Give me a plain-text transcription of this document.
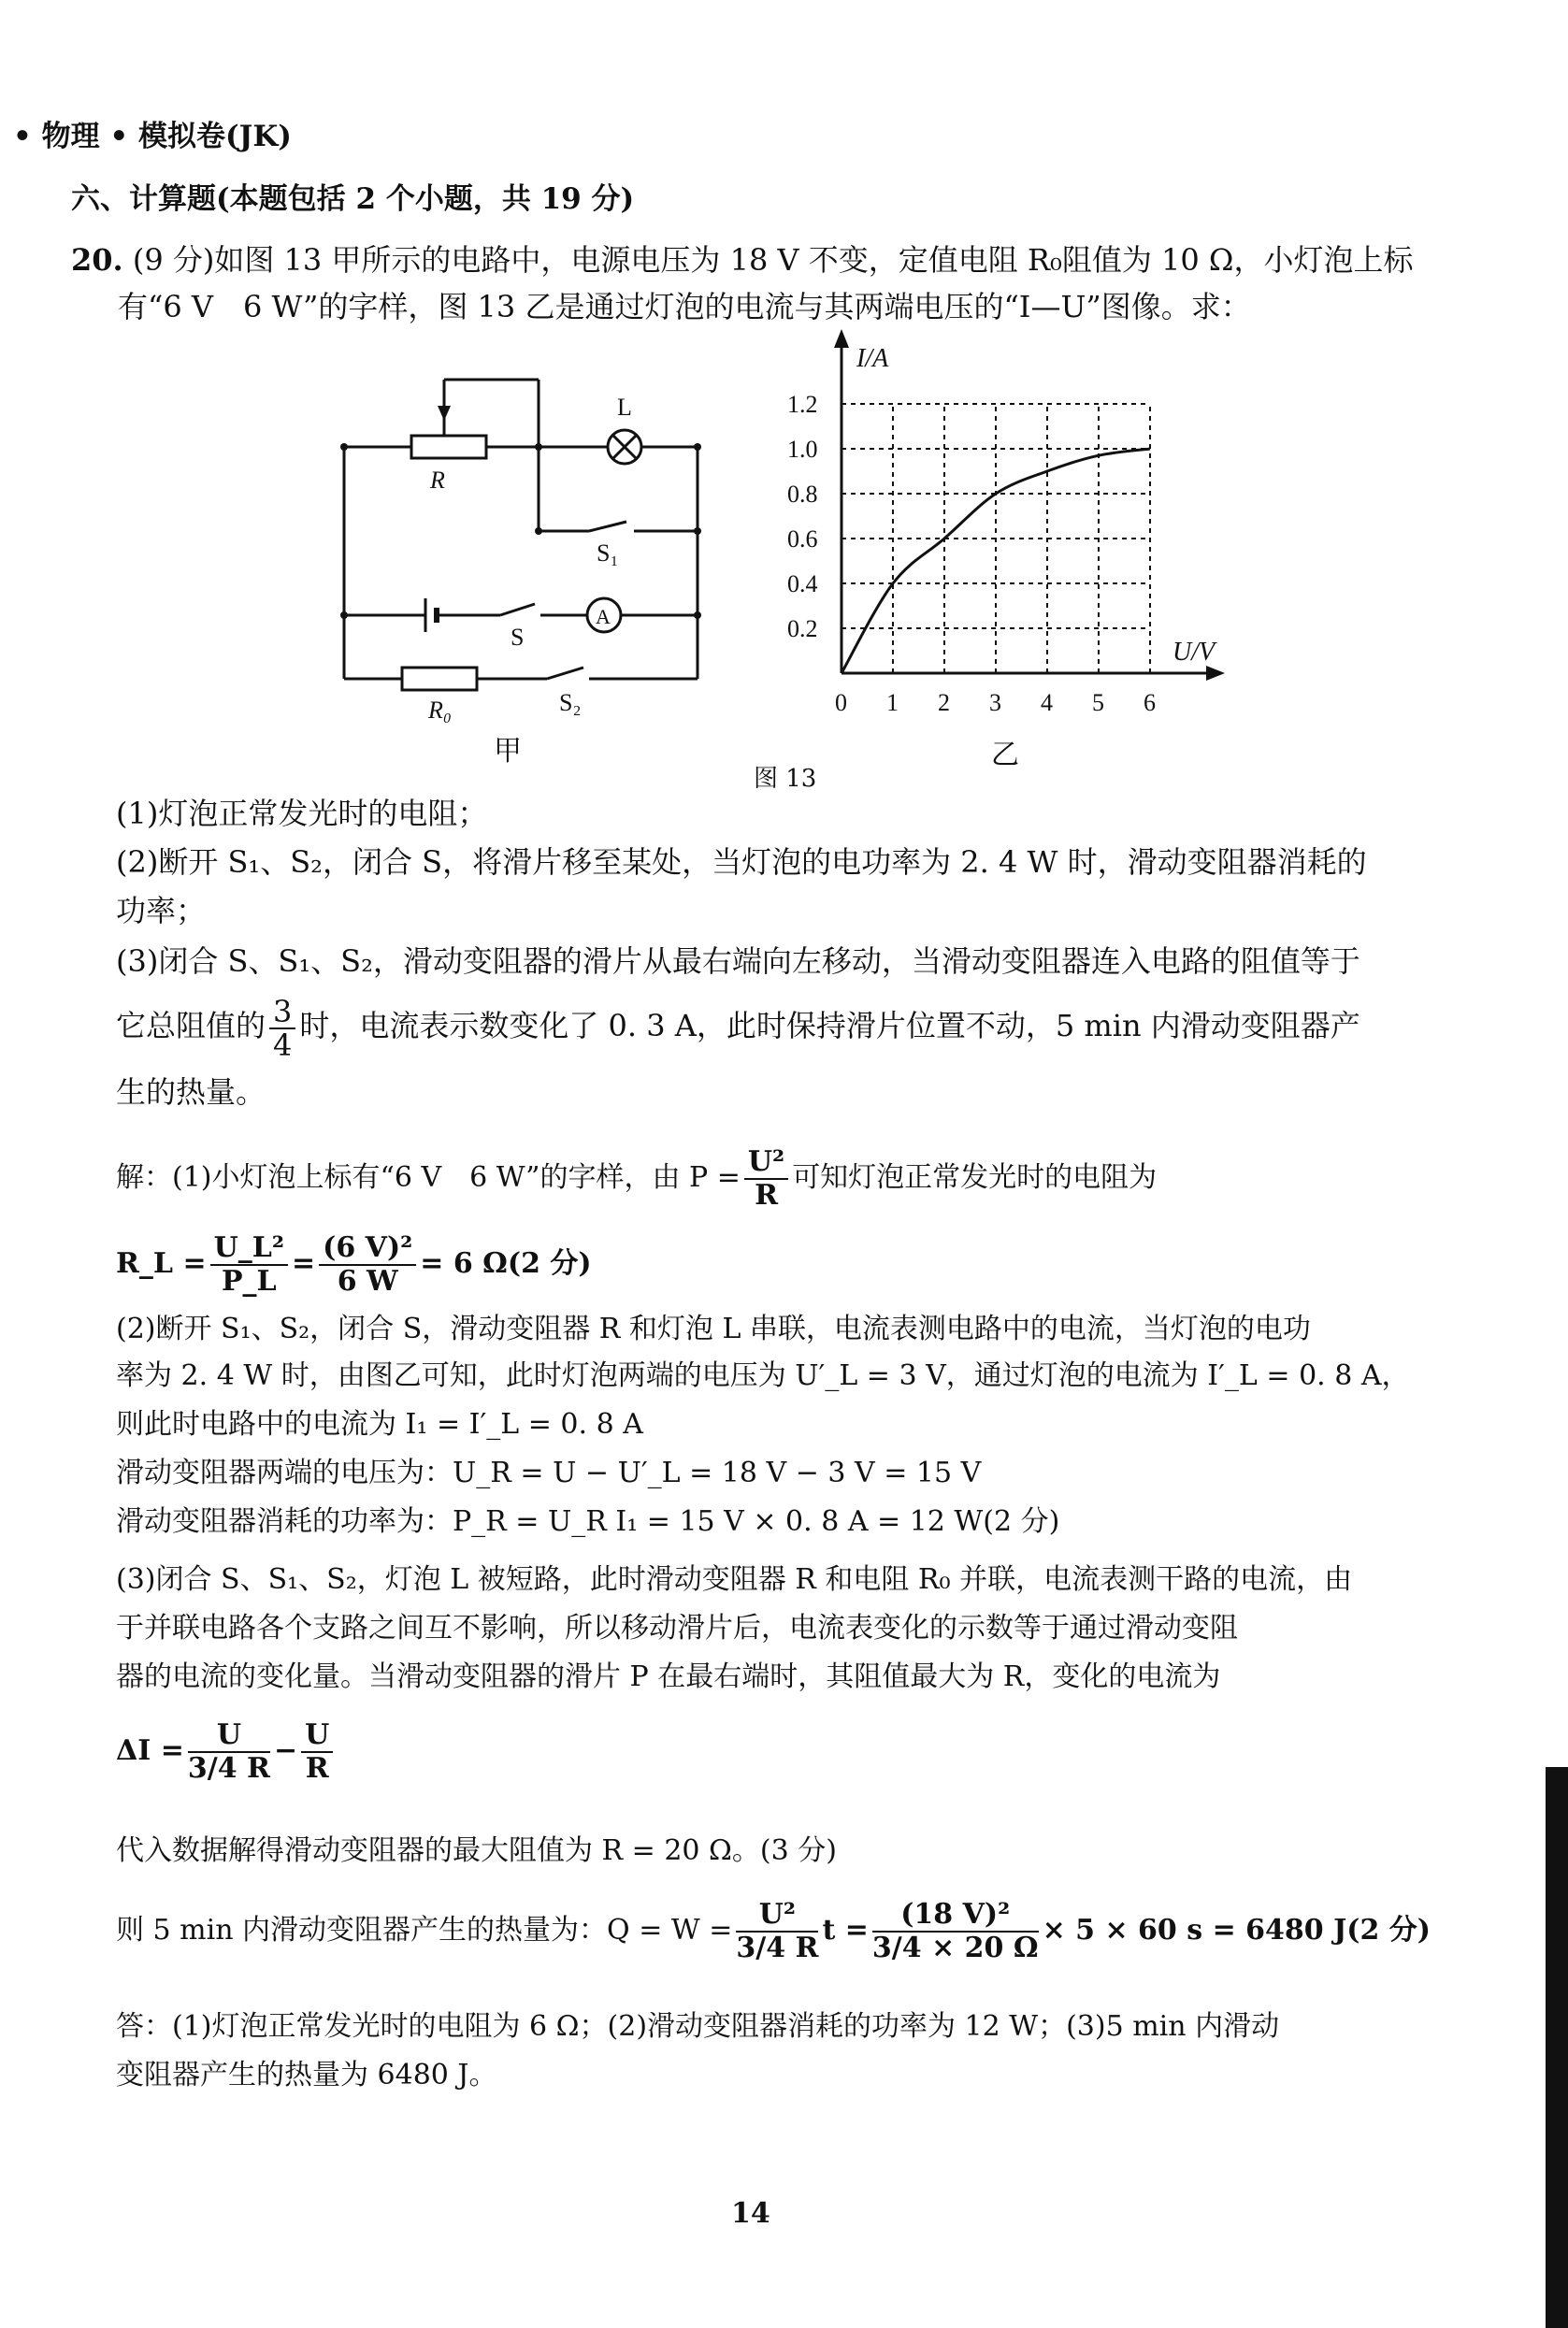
• 物理 • 模拟卷(JK)
六、计算题(本题包括 2 个小题，共 19 分)
20. (9 分)如图 13 甲所示的电路中，电源电压为 18 V 不变，定值电阻 R₀阻值为 10 Ω，小灯泡上标
有“6 V　6 W”的字样，图 13 乙是通过灯泡的电流与其两端电压的“I—U”图像。求：
L
R
S₁
S
A
R₀	S₂
甲
0 1 2 3 4 5 6
0.2
0.4
0.6
0.8
1.0
1.2
U/V
I/A
乙
图 13
(1)灯泡正常发光时的电阻；
(2)断开 S₁、S₂，闭合 S，将滑片移至某处，当灯泡的电功率为 2. 4 W 时，滑动变阻器消耗的
功率；
(3)闭合 S、S₁、S₂，滑动变阻器的滑片从最右端向左移动，当滑动变阻器连入电路的阻值等于
它总阻值的 $\frac{3}{4}$ 时，电流表示数变化了 0. 3 A，此时保持滑片位置不动，5 min 内滑动变阻器产
生的热量。
解：(1)小灯泡上标有“6 V　6 W”的字样，由 $P = \frac{\text{U²}}{R}$ 可知灯泡正常发光时的电阻为
R_L = $\frac{\text{U\_L²}}{P\_L} = \frac{\text{(6 V)²}}{6 W} = 6$ Ω(2 分)
(2)断开 S₁、S₂，闭合 S，滑动变阻器 R 和灯泡 L 串联，电流表测电路中的电流，当灯泡的电功
率为 2. 4 W 时，由图乙可知，此时灯泡两端的电压为 U′_L = 3 V，通过灯泡的电流为 I′_L = 0. 8 A，
则此时电路中的电流为 I₁ = I′_L = 0. 8 A
滑动变阻器两端的电压为：U_R = U − U′_L = 18 V − 3 V = 15 V
滑动变阻器消耗的功率为：P_R = U_R I₁ = 15 V × 0. 8 A = 12 W(2 分)
(3)闭合 S、S₁、S₂，灯泡 L 被短路，此时滑动变阻器 R 和电阻 R₀ 并联，电流表测干路的电流，由
于并联电路各个支路之间互不影响，所以移动滑片后，电流表变化的示数等于通过滑动变阻
器的电流的变化量。当滑动变阻器的滑片 P 在最右端时，其阻值最大为 R，变化的电流为
$\Delta I = \frac{U}{3/4 R} - \frac{U}{R}$
代入数据解得滑动变阻器的最大阻值为 R = 20 Ω。(3 分)
则 5 min 内滑动变阻器产生的热量为：$Q = W = \frac{\text{U²}}{3/4 R}$ $t = \frac{\text{(18 V)²}}{3/4 \times 20 \Omega} \times 5 \times 60$ s = 6480 J(2 分)
答：(1)灯泡正常发光时的电阻为 6 Ω；(2)滑动变阻器消耗的功率为 12 W；(3)5 min 内滑动
变阻器产生的热量为 6480 J。
14
